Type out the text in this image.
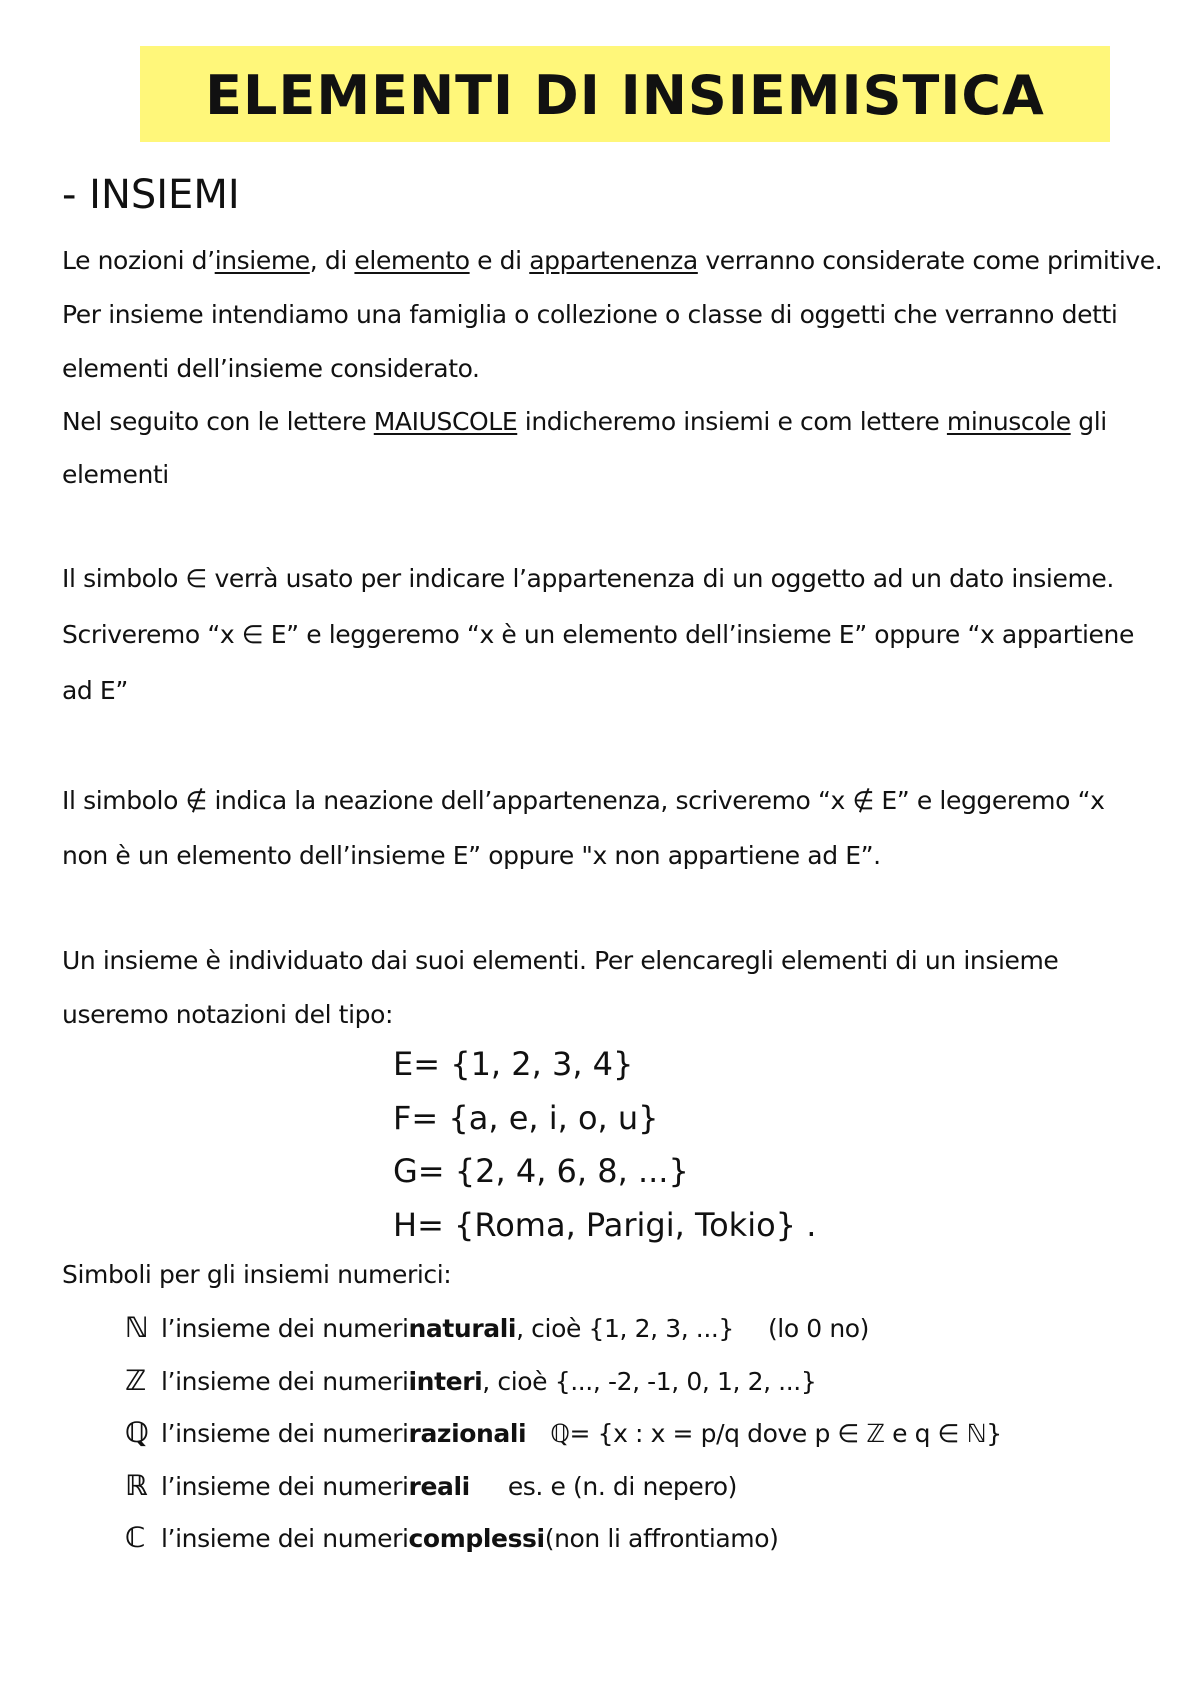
ELEMENTI DI INSIEMISTICA
- INSIEMI
Le nozioni d’insieme, di elemento e di appartenenza verranno considerate come primitive.
Per insieme intendiamo una famiglia o collezione o classe di oggetti che verranno detti
elementi dell’insieme considerato.
Nel seguito con le lettere MAIUSCOLE indicheremo insiemi e com lettere minuscole gli
elementi
Il simbolo ∈ verrà usato per indicare l’appartenenza di un oggetto ad un dato insieme.
Scriveremo “x ∈ E” e leggeremo “x è un elemento dell’insieme E” oppure “x appartiene
ad E”
Il simbolo ∉ indica la neazione dell’appartenenza, scriveremo “x ∉ E” e leggeremo “x
non è un elemento dell’insieme E” oppure "x non appartiene ad E”.
Un insieme è individuato dai suoi elementi. Per elencaregli elementi di un insieme
useremo notazioni del tipo:
E= {1, 2, 3, 4}
F= {a, e, i, o, u}
G= {2, 4, 6, 8, ...}
H= {Roma, Parigi, Tokio} .
Simboli per gli insiemi numerici:
ℕ l’insieme dei numeri naturali , cioè {1, 2, 3, ...} (lo 0 no)
ℤ l’insieme dei numeri interi , cioè {..., -2, -1, 0, 1, 2, ...}
ℚ l’insieme dei numeri razionali ℚ= {x : x = p/q dove p ∈ ℤ e q ∈ ℕ}
ℝ l’insieme dei numeri reali es. e (n. di nepero)
ℂ l’insieme dei numeri complessi (non li affrontiamo)
